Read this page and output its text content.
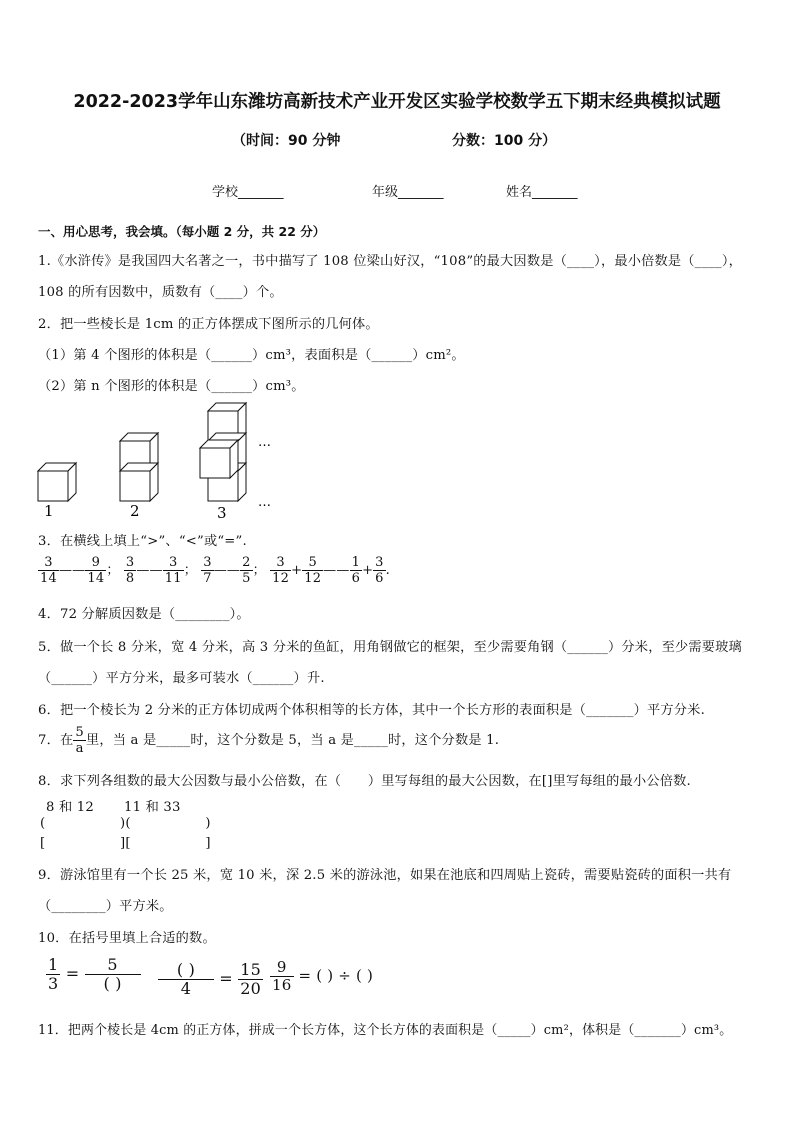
2022-2023学年山东潍坊高新技术产业开发区实验学校数学五下期末经典模拟试题
（时间：90 分钟	分数：100 分）
学校_______	年级_______	姓名_______
一、用心思考，我会填。（每小题 2 分，共 22 分）
1.《水浒传》是我国四大名著之一，书中描写了 108 位梁山好汉，“108”的最大因数是（____），最小倍数是（____），
108 的所有因数中，质数有（____）个。
2．把一些棱长是 1cm 的正方体摆成下图所示的几何体。
（1）第 4 个图形的体积是（______）cm³，表面积是（______）cm²。
（2）第 n 个图形的体积是（______）cm³。
1	2	3
…
…
3．在横线上填上“>”、“<”或“=”.
$\frac{3}{14}$ —— $\frac{9}{14}$ ； $\frac{3}{8}$ —— $\frac{3}{11}$ ； $\frac{3}{7}$ —— $\frac{2}{5}$ ； $\frac{3}{12} + \frac{5}{12}$ —— $\frac{1}{6} + \frac{3}{6}$ .
4．72 分解质因数是（________）。
5．做一个长 8 分米，宽 4 分米，高 3 分米的鱼缸，用角钢做它的框架，至少需要角钢（______）分米，至少需要玻璃
（______）平方分米，最多可装水（______）升.
6．把一个棱长为 2 分米的正方体切成两个体积相等的长方体，其中一个长方形的表面积是（_______）平方分米.
7．在 $\frac{5}{a}$ 里，当 a 是_____时，这个分数是 5，当 a 是_____时，这个分数是 1.
8．求下列各组数的最大公因数与最小公倍数，在（　　）里写每组的最大公因数，在[]里写每组的最小公倍数.
8 和 12 11 和 33
(                 )(                 )
[                 ][                 ]
9．游泳馆里有一个长 25 米，宽 10 米，深 2.5 米的游泳池，如果在池底和四周贴上瓷砖，需要贴瓷砖的面积一共有
（________）平方米。
10．在括号里填上合适的数。
$\frac{1}{3} = \frac{5}{( )} \frac{( )}{4} = \frac{15}{20} \frac{9}{16}$ = ( ) ÷ ( )
11．把两个棱长是 4cm 的正方体，拼成一个长方体，这个长方体的表面积是（_____）cm²，体积是（_______）cm³。
